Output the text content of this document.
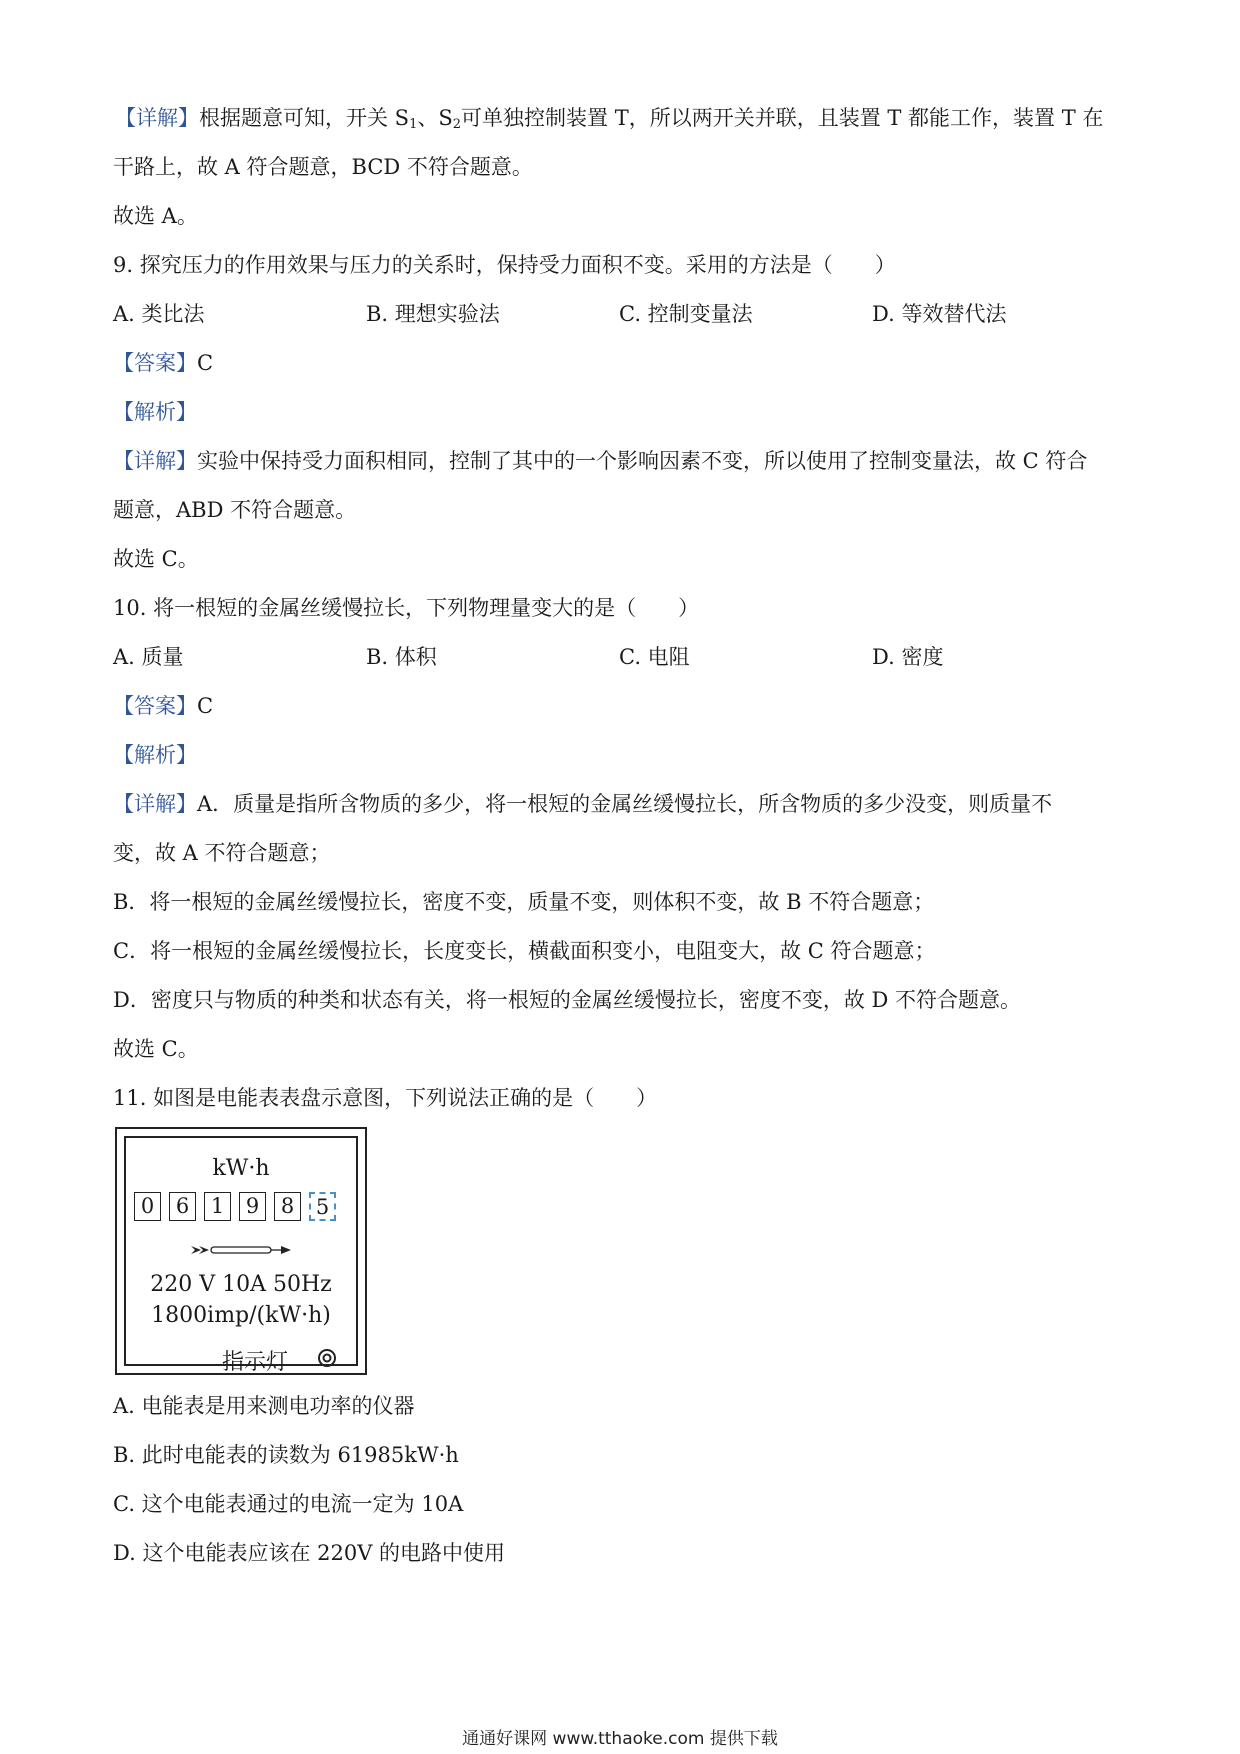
【详解】根据题意可知，开关 $S_1$、$S_2$可单独控制装置 T，所以两开关并联，且装置 T 都能工作，装置 T 在
干路上，故 A 符合题意，BCD 不符合题意。
故选 A。
9. 探究压力的作用效果与压力的关系时，保持受力面积不变。采用的方法是（　　）
A. 类比法	B. 理想实验法	C. 控制变量法	D. 等效替代法
【答案】C
【解析】
【详解】实验中保持受力面积相同，控制了其中的一个影响因素不变，所以使用了控制变量法，故 C 符合
题意，ABD 不符合题意。
故选 C。
10. 将一根短的金属丝缓慢拉长，下列物理量变大的是（　　）
A. 质量	B. 体积	C. 电阻	D. 密度
【答案】C
【解析】
【详解】A．质量是指所含物质的多少，将一根短的金属丝缓慢拉长，所含物质的多少没变，则质量不
变，故 A 不符合题意；
B．将一根短的金属丝缓慢拉长，密度不变，质量不变，则体积不变，故 B 不符合题意；
C．将一根短的金属丝缓慢拉长，长度变长，横截面积变小，电阻变大，故 C 符合题意；
D．密度只与物质的种类和状态有关，将一根短的金属丝缓慢拉长，密度不变，故 D 不符合题意。
故选 C。
11. 如图是电能表表盘示意图，下列说法正确的是（　　）
kW·h
0	6	1	9	8	5
220 V 10A 50Hz
1800imp/(kW·h)
指示灯
A. 电能表是用来测电功率的仪器
B. 此时电能表的读数为 61985kW·h
C. 这个电能表通过的电流一定为 10A
D. 这个电能表应该在 220V 的电路中使用
通通好课网 www.tthaoke.com 提供下载
